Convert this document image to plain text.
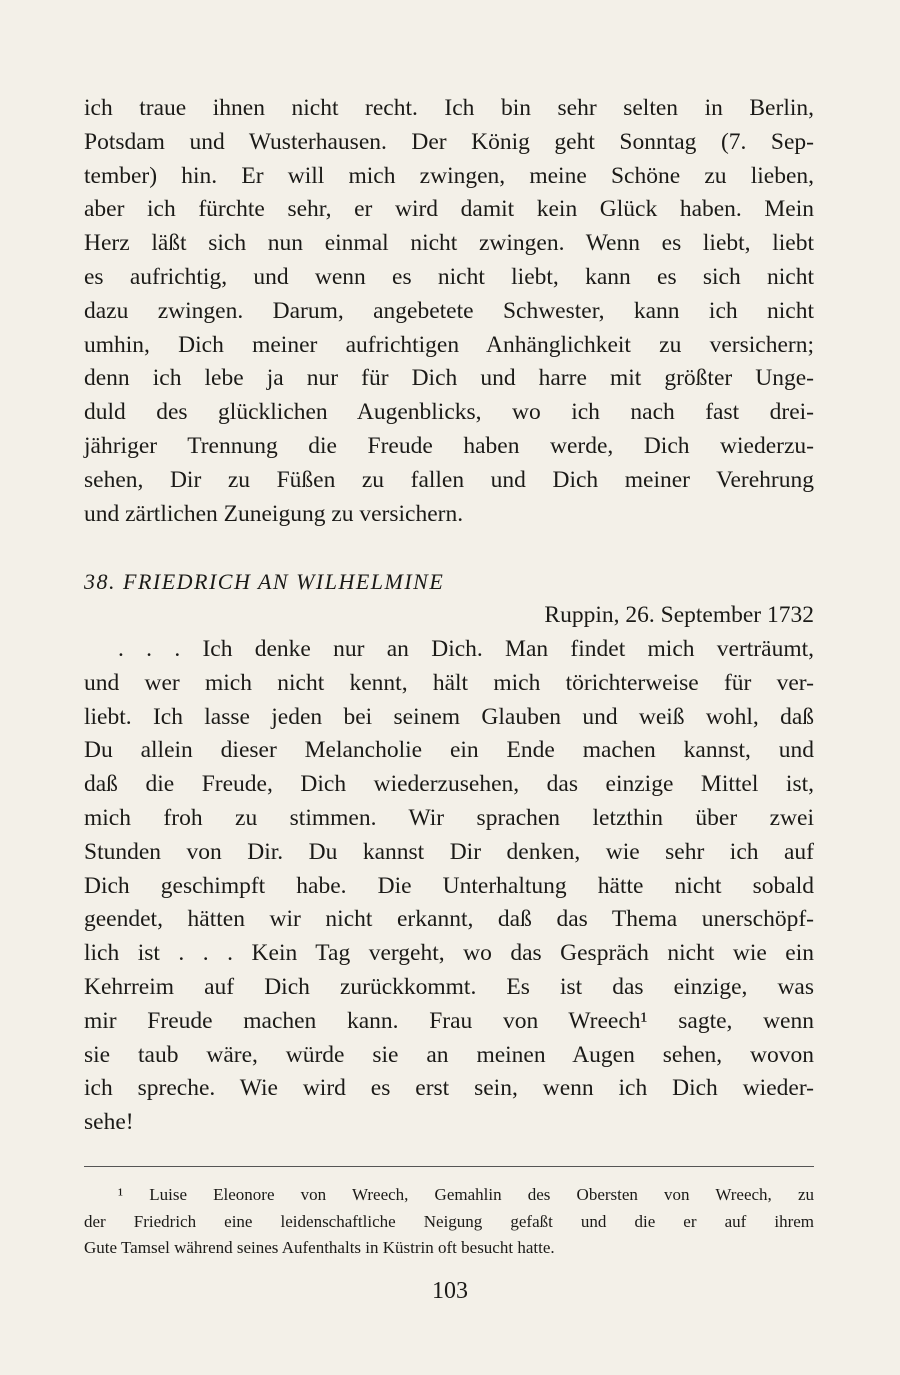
ich traue ihnen nicht recht. Ich bin sehr selten in Berlin,
Potsdam und Wusterhausen. Der König geht Sonntag (7. Sep-
tember) hin. Er will mich zwingen, meine Schöne zu lieben,
aber ich fürchte sehr, er wird damit kein Glück haben. Mein
Herz läßt sich nun einmal nicht zwingen. Wenn es liebt, liebt
es aufrichtig, und wenn es nicht liebt, kann es sich nicht
dazu zwingen. Darum, angebetete Schwester, kann ich nicht
umhin, Dich meiner aufrichtigen Anhänglichkeit zu versichern;
denn ich lebe ja nur für Dich und harre mit größter Unge-
duld des glücklichen Augenblicks, wo ich nach fast drei-
jähriger Trennung die Freude haben werde, Dich wiederzu-
sehen, Dir zu Füßen zu fallen und Dich meiner Verehrung
und zärtlichen Zuneigung zu versichern.
38. FRIEDRICH AN WILHELMINE
Ruppin, 26. September 1732
. . . Ich denke nur an Dich. Man findet mich verträumt,
und wer mich nicht kennt, hält mich törichterweise für ver-
liebt. Ich lasse jeden bei seinem Glauben und weiß wohl, daß
Du allein dieser Melancholie ein Ende machen kannst, und
daß die Freude, Dich wiederzusehen, das einzige Mittel ist,
mich froh zu stimmen. Wir sprachen letzthin über zwei
Stunden von Dir. Du kannst Dir denken, wie sehr ich auf
Dich geschimpft habe. Die Unterhaltung hätte nicht sobald
geendet, hätten wir nicht erkannt, daß das Thema unerschöpf-
lich ist . . . Kein Tag vergeht, wo das Gespräch nicht wie ein
Kehrreim auf Dich zurückkommt. Es ist das einzige, was
mir Freude machen kann. Frau von Wreech¹ sagte, wenn
sie taub wäre, würde sie an meinen Augen sehen, wovon
ich spreche. Wie wird es erst sein, wenn ich Dich wieder-
sehe!
¹ Luise Eleonore von Wreech, Gemahlin des Obersten von Wreech, zu
der Friedrich eine leidenschaftliche Neigung gefaßt und die er auf ihrem
Gute Tamsel während seines Aufenthalts in Küstrin oft besucht hatte.
103
